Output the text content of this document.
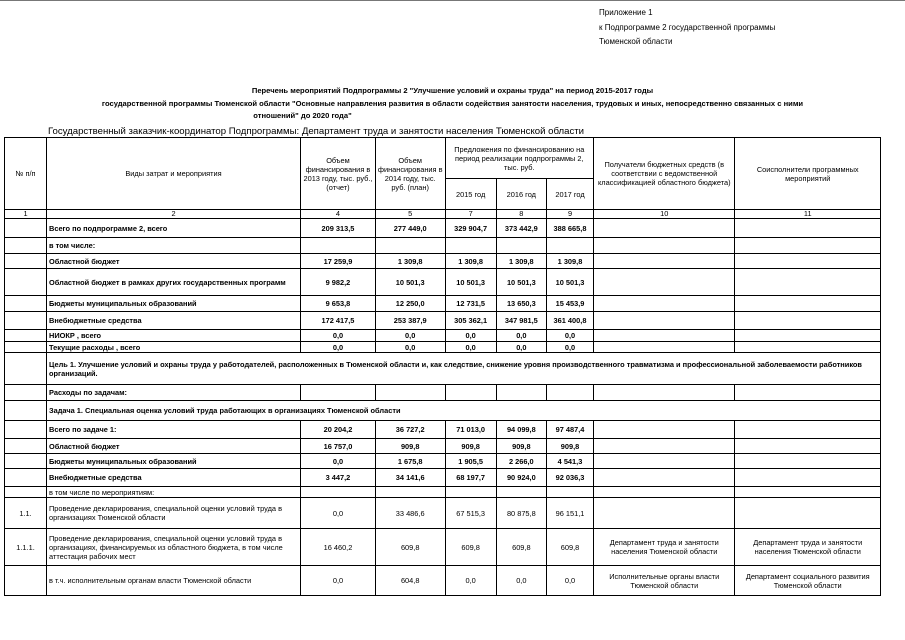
Приложение 1
к Подпрограмме 2 государственной программы
Тюменской области
Перечень мероприятий Подпрограммы 2 "Улучшение условий и охраны труда" на период 2015-2017 годы
государственной программы Тюменской области "Основные направления развития в области содействия занятости населения, трудовых и иных, непосредственно связанных с ними
отношений" до 2020 года"
Государственный заказчик-координатор Подпрограммы: Департамент труда и занятости населения Тюменской области
№ п/п	Виды затрат и мероприятия	Объем финансирования в 2013 году, тыс. руб., (отчет)	Объем финансирования в 2014 году, тыс. руб. (план)	Предложения по финансированию на период реализации подпрограммы 2, тыс. руб.			Получатели бюджетных средств (в соответствии с ведомственной классификацией областного бюджета)	Соисполнители программных мероприятий
				2015 год	2016 год	2017 год		
1	2	4	5	7	8	9	10	11
	Всего по подпрограмме 2, всего	209 313,5	277 449,0	329 904,7	373 442,9	388 665,8		
	в том числе:							
	Областной бюджет	17 259,9	1 309,8	1 309,8	1 309,8	1 309,8		
	Областной бюджет в рамках других государственных программ	9 982,2	10 501,3	10 501,3	10 501,3	10 501,3		
	Бюджеты муниципальных образований	9 653,8	12 250,0	12 731,5	13 650,3	15 453,9		
	Внебюджетные средства	172 417,5	253 387,9	305 362,1	347 981,5	361 400,8		
	НИОКР , всего	0,0	0,0	0,0	0,0	0,0		
	Текущие расходы , всего	0,0	0,0	0,0	0,0	0,0		
	Цель 1. Улучшение условий и охраны труда у работодателей, расположенных в Тюменской области и, как следствие, снижение уровня производственного травматизма и профессиональной заболеваемости работников организаций.							
	Расходы по задачам:							
	Задача 1. Специальная оценка условий труда работающих в организациях Тюменской области							
	Всего по задаче 1:	20 204,2	36 727,2	71 013,0	94 099,8	97 487,4		
	Областной бюджет	16 757,0	909,8	909,8	909,8	909,8		
	Бюджеты муниципальных образований	0,0	1 675,8	1 905,5	2 266,0	4 541,3		
	Внебюджетные средства	3 447,2	34 141,6	68 197,7	90 924,0	92 036,3		
	в том числе по мероприятиям:							
1.1.	Проведение декларирования, специальной оценки условий труда в организациях Тюменской области	0,0	33 486,6	67 515,3	80 875,8	96 151,1		
1.1.1.	Проведение декларирования, специальной оценки условий труда в организациях, финансируемых из областного бюджета, в том числе аттестация рабочих мест	16 460,2	609,8	609,8	609,8	609,8	Департамент труда и занятости населения Тюменской области	Департамент труда и занятости населения Тюменской области
	в т.ч. исполнительным органам власти Тюменской области	0,0	604,8	0,0	0,0	0,0	Исполнительные органы власти Тюменской области	Департамент социального развития Тюменской области
